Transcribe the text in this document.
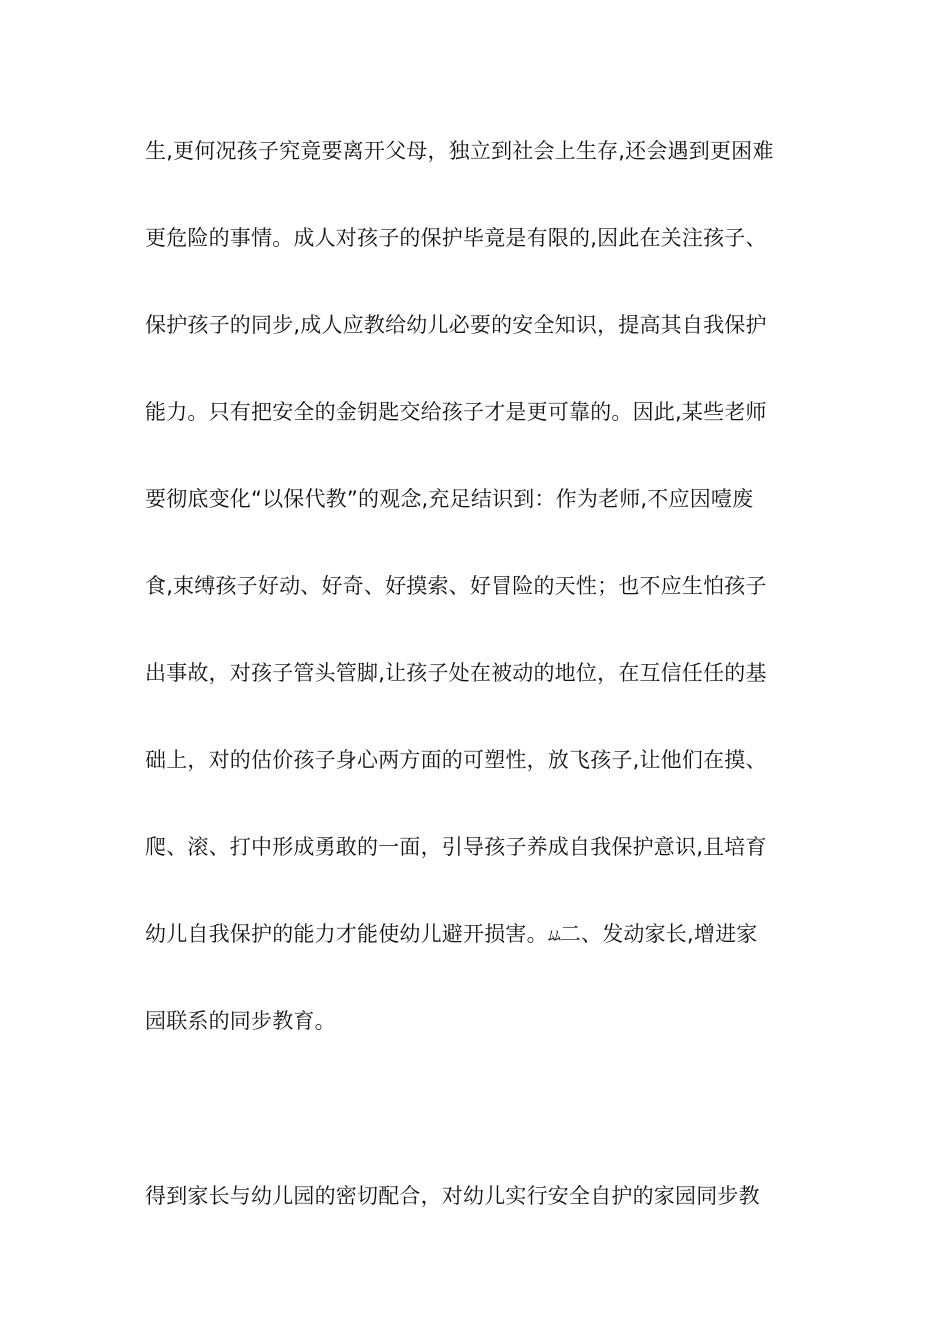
生,更何况孩子究竟要离开父母，独立到社会上生存,还会遇到更困难
更危险的事情。成人对孩子的保护毕竟是有限的,因此在关注孩子、
保护孩子的同步,成人应教给幼儿必要的安全知识，提高其自我保护
能力。只有把安全的金钥匙交给孩子才是更可靠的。因此,某些老师
要彻底变化“以保代教”的观念,充足结识到：作为老师,不应因噎废
食,束缚孩子好动、好奇、好摸索、好冒险的天性；也不应生怕孩子
出事故，对孩子管头管脚,让孩子处在被动的地位，在互信任任的基
础上，对的估价孩子身心两方面的可塑性，放飞孩子,让他们在摸、
爬、滚、打中形成勇敢的一面，引导孩子养成自我保护意识,且培育
幼儿自我保护的能力才能使幼儿避开损害。ﾑﾑ二、发动家长,增进家
园联系的同步教育。
得到家长与幼儿园的密切配合，对幼儿实行安全自护的家园同步教
